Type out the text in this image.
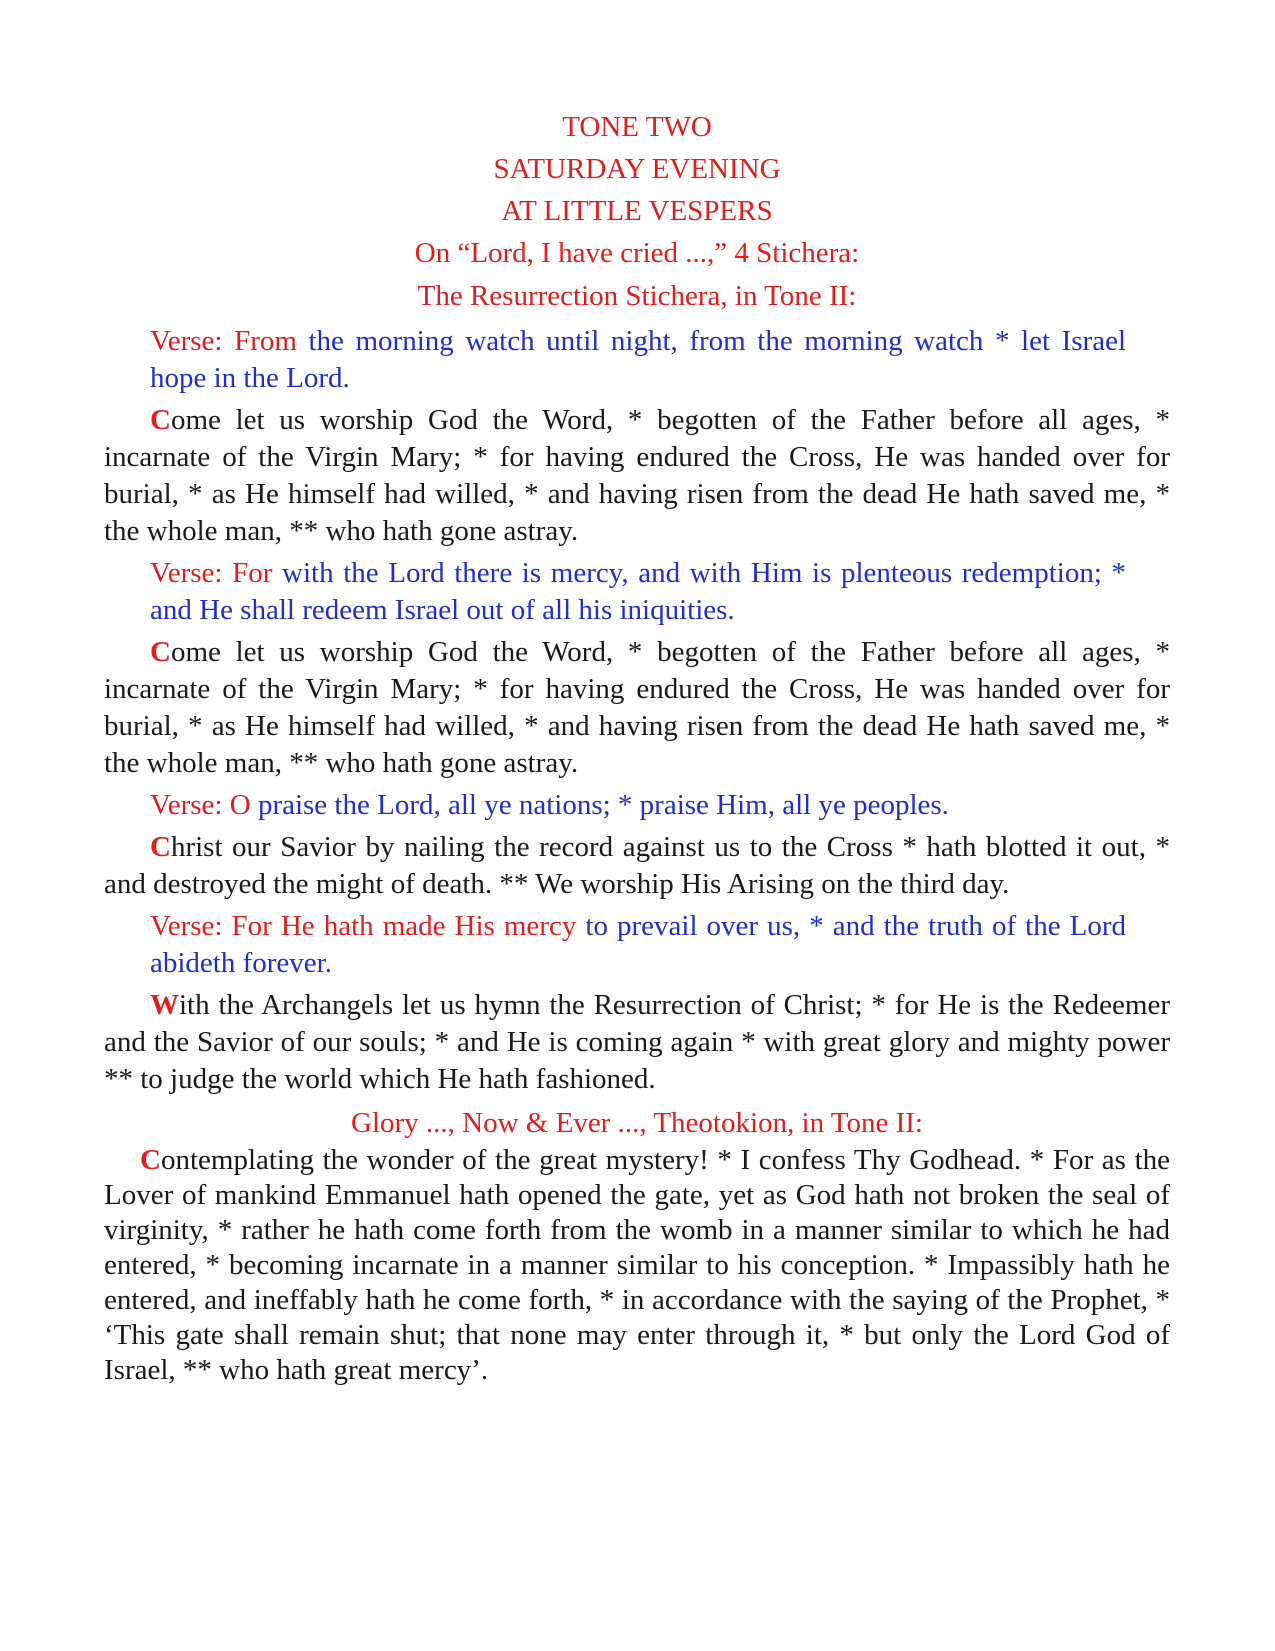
TONE TWO

SATURDAY EVENING

AT LITTLE VESPERS

On “Lord, I have cried ...,” 4 Stichera:

The Resurrection Stichera, in Tone II:

Verse: From the morning watch until night, from the morning watch * let Israel hope in the Lord.

Come let us worship God the Word, * begotten of the Father before all ages, * incarnate of the Virgin Mary; * for having endured the Cross, He was handed over for burial, * as He himself had willed, * and having risen from the dead He hath saved me, * the whole man, ** who hath gone astray.

Verse: For with the Lord there is mercy, and with Him is plenteous redemption; * and He shall redeem Israel out of all his iniquities.

Come let us worship God the Word, * begotten of the Father before all ages, * incarnate of the Virgin Mary; * for having endured the Cross, He was handed over for burial, * as He himself had willed, * and having risen from the dead He hath saved me, * the whole man, ** who hath gone astray.

Verse: O praise the Lord, all ye nations; * praise Him, all ye peoples.

Christ our Savior by nailing the record against us to the Cross * hath blotted it out, * and destroyed the might of death. ** We worship His Arising on the third day.

Verse: For He hath made His mercy to prevail over us, * and the truth of the Lord abideth forever.

With the Archangels let us hymn the Resurrection of Christ; * for He is the Redeemer and the Savior of our souls; * and He is coming again * with great glory and mighty power ** to judge the world which He hath fashioned.

Glory ..., Now & Ever ..., Theotokion, in Tone II:

Contemplating the wonder of the great mystery! * I confess Thy Godhead. * For as the Lover of mankind Emmanuel hath opened the gate, yet as God hath not broken the seal of virginity, * rather he hath come forth from the womb in a manner similar to which he had entered, * becoming incarnate in a manner similar to his conception. * Impassibly hath he entered, and ineffably hath he come forth, * in accordance with the saying of the Prophet, * ‘This gate shall remain shut; that none may enter through it, * but only the Lord God of Israel, ** who hath great mercy’.
